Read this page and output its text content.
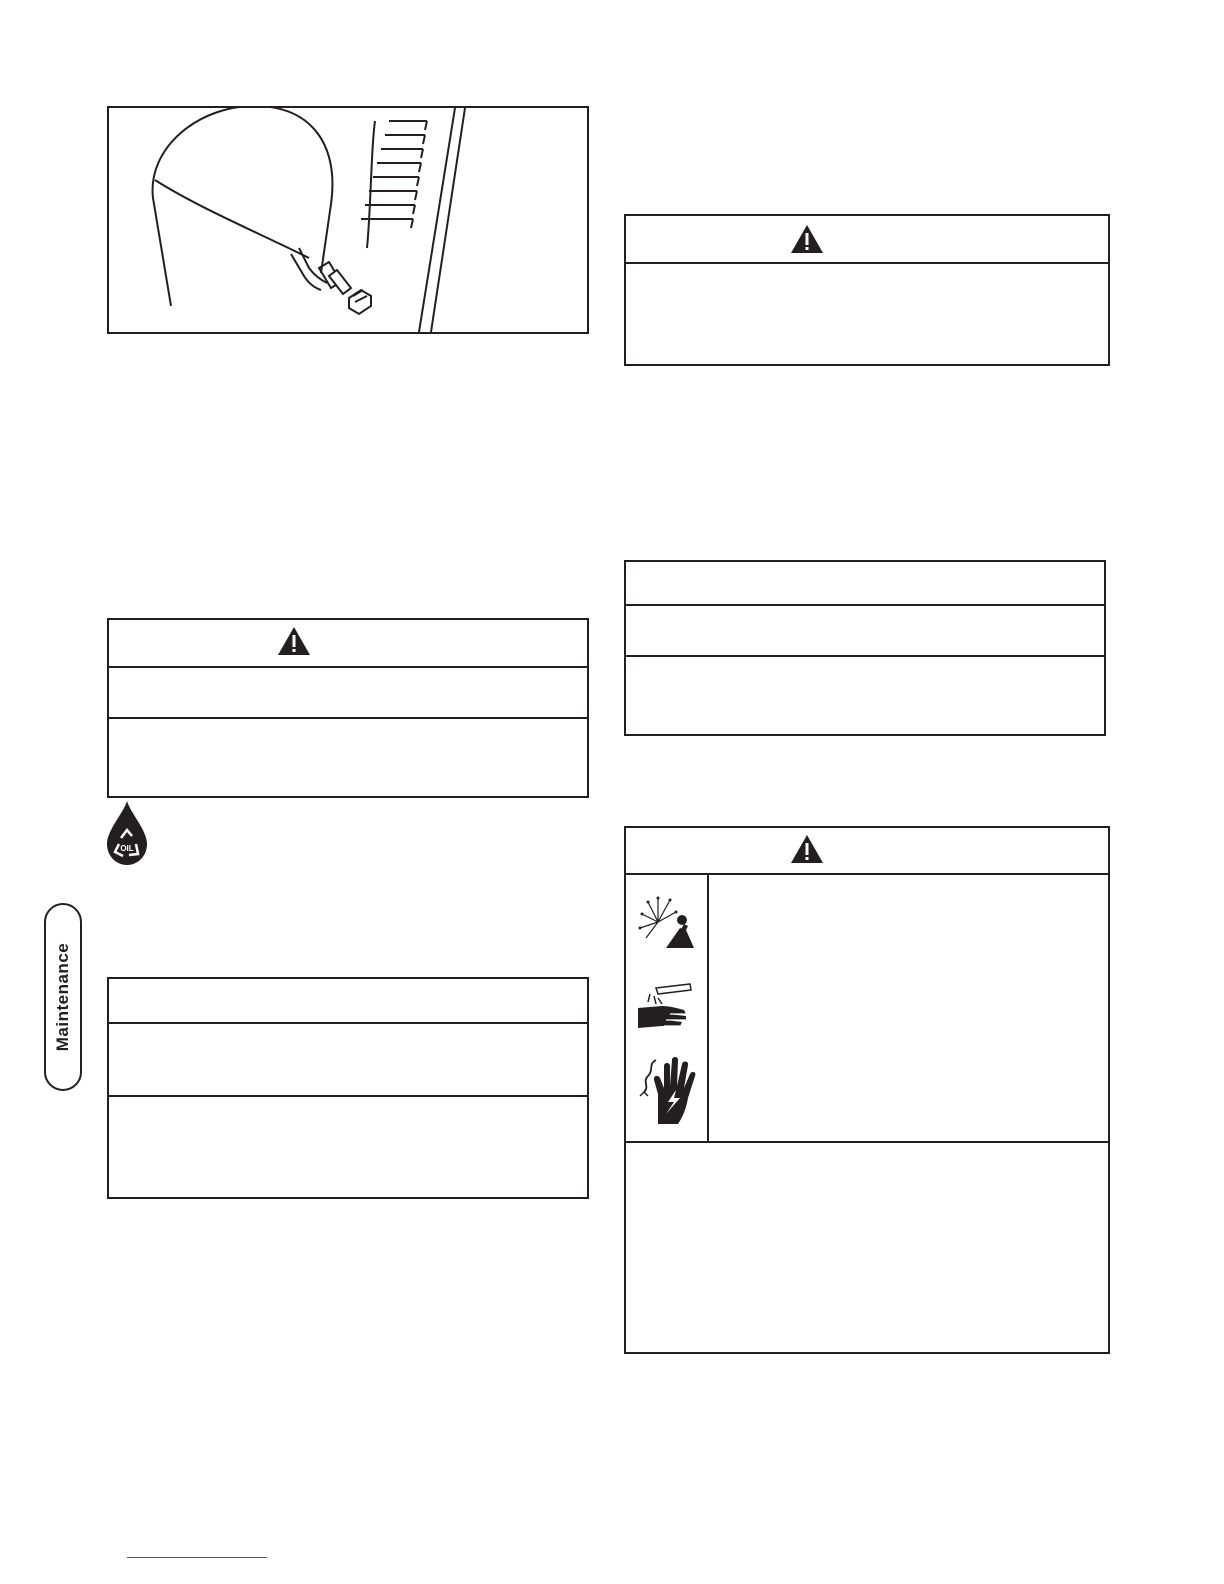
OIL
Maintenance
